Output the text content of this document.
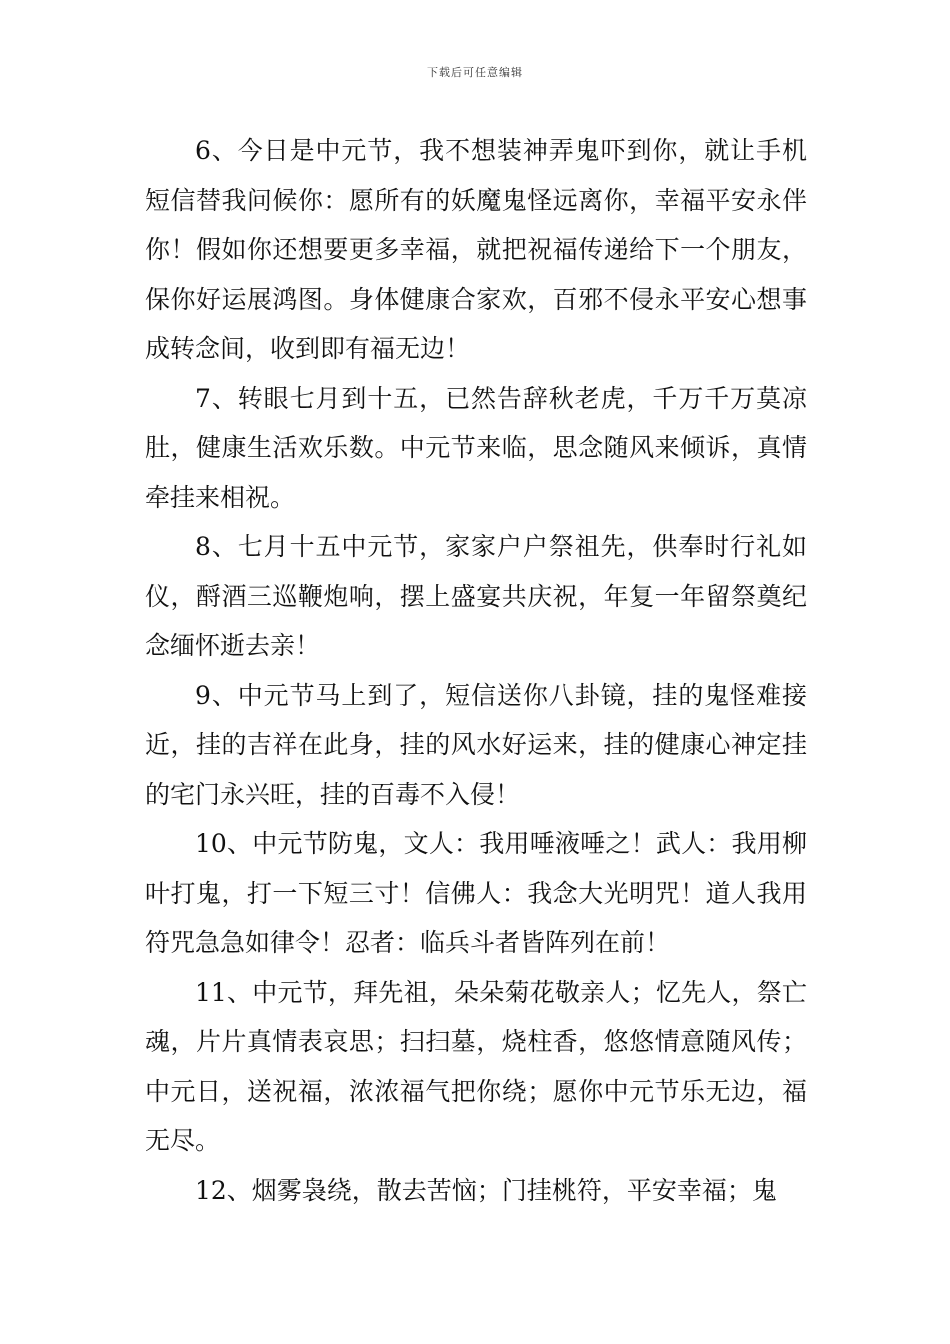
下载后可任意编辑

6、今日是中元节，我不想装神弄鬼吓到你，就让手机短信替我问候你：愿所有的妖魔鬼怪远离你，幸福平安永伴你！假如你还想要更多幸福，就把祝福传递给下一个朋友，保你好运展鸿图。身体健康合家欢，百邪不侵永平安心想事成转念间，收到即有福无边！

7、转眼七月到十五，已然告辞秋老虎，千万千万莫凉肚，健康生活欢乐数。中元节来临，思念随风来倾诉，真情牵挂来相祝。

8、七月十五中元节，家家户户祭祖先，供奉时行礼如仪，酹酒三巡鞭炮响，摆上盛宴共庆祝，年复一年留祭奠纪念缅怀逝去亲！

9、中元节马上到了，短信送你八卦镜，挂的鬼怪难接近，挂的吉祥在此身，挂的风水好运来，挂的健康心神定挂的宅门永兴旺，挂的百毒不入侵！

10、中元节防鬼，文人：我用唾液唾之！武人：我用柳叶打鬼，打一下短三寸！信佛人：我念大光明咒！道人我用符咒急急如律令！忍者：临兵斗者皆阵列在前！

11、中元节，拜先祖，朵朵菊花敬亲人；忆先人，祭亡魂，片片真情表哀思；扫扫墓，烧柱香，悠悠情意随风传；中元日，送祝福，浓浓福气把你绕；愿你中元节乐无边，福无尽。

12、烟雾袅绕，散去苦恼；门挂桃符，平安幸福；鬼
